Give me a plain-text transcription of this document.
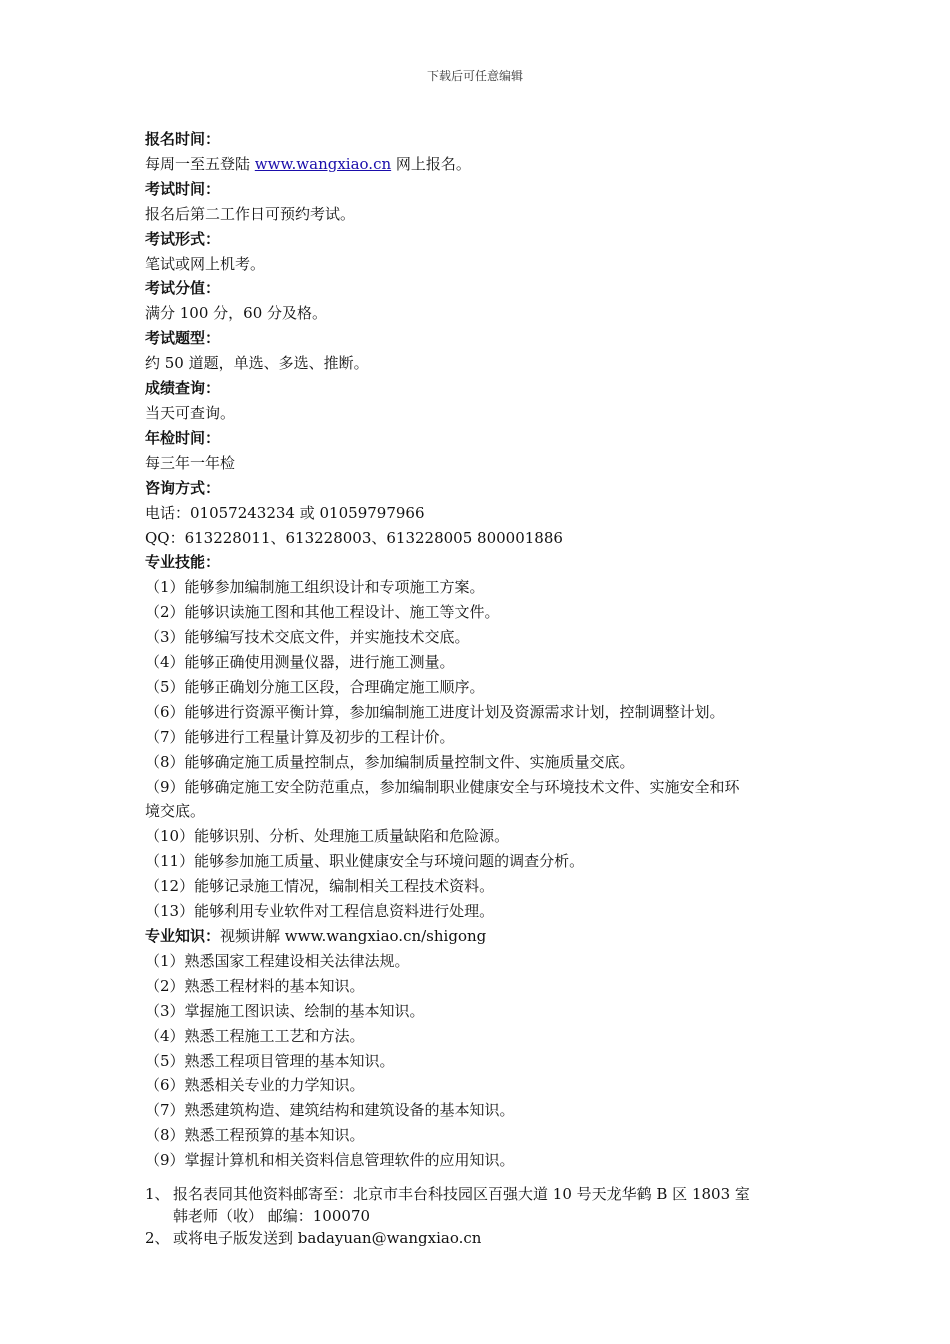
下载后可任意编辑
报名时间：
每周一至五登陆 www.wangxiao.cn 网上报名。
考试时间：
报名后第二工作日可预约考试。
考试形式：
笔试或网上机考。
考试分值：
满分 100 分，60 分及格。
考试题型：
约 50 道题，单选、多选、推断。
成绩查询：
当天可查询。
年检时间：
每三年一年检
咨询方式：
电话：01057243234 或 01059797966
QQ：613228011、613228003、613228005 800001886
专业技能：
（1）能够参加编制施工组织设计和专项施工方案。
（2）能够识读施工图和其他工程设计、施工等文件。
（3）能够编写技术交底文件，并实施技术交底。
（4）能够正确使用测量仪器，进行施工测量。
（5）能够正确划分施工区段，合理确定施工顺序。
（6）能够进行资源平衡计算，参加编制施工进度计划及资源需求计划，控制调整计划。
（7）能够进行工程量计算及初步的工程计价。
（8）能够确定施工质量控制点，参加编制质量控制文件、实施质量交底。
（9）能够确定施工安全防范重点，参加编制职业健康安全与环境技术文件、实施安全和环
境交底。
（10）能够识别、分析、处理施工质量缺陷和危险源。
（11）能够参加施工质量、职业健康安全与环境问题的调查分析。
（12）能够记录施工情况，编制相关工程技术资料。
（13）能够利用专业软件对工程信息资料进行处理。
专业知识：视频讲解 www.wangxiao.cn/shigong
（1）熟悉国家工程建设相关法律法规。
（2）熟悉工程材料的基本知识。
（3）掌握施工图识读、绘制的基本知识。
（4）熟悉工程施工工艺和方法。
（5）熟悉工程项目管理的基本知识。
（6）熟悉相关专业的力学知识。
（7）熟悉建筑构造、建筑结构和建筑设备的基本知识。
（8）熟悉工程预算的基本知识。
（9）掌握计算机和相关资料信息管理软件的应用知识。
1、 报名表同其他资料邮寄至：北京市丰台科技园区百强大道 10 号天龙华鹤 B 区 1803 室
韩老师（收） 邮编：100070
2、 或将电子版发送到 badayuan@wangxiao.cn
